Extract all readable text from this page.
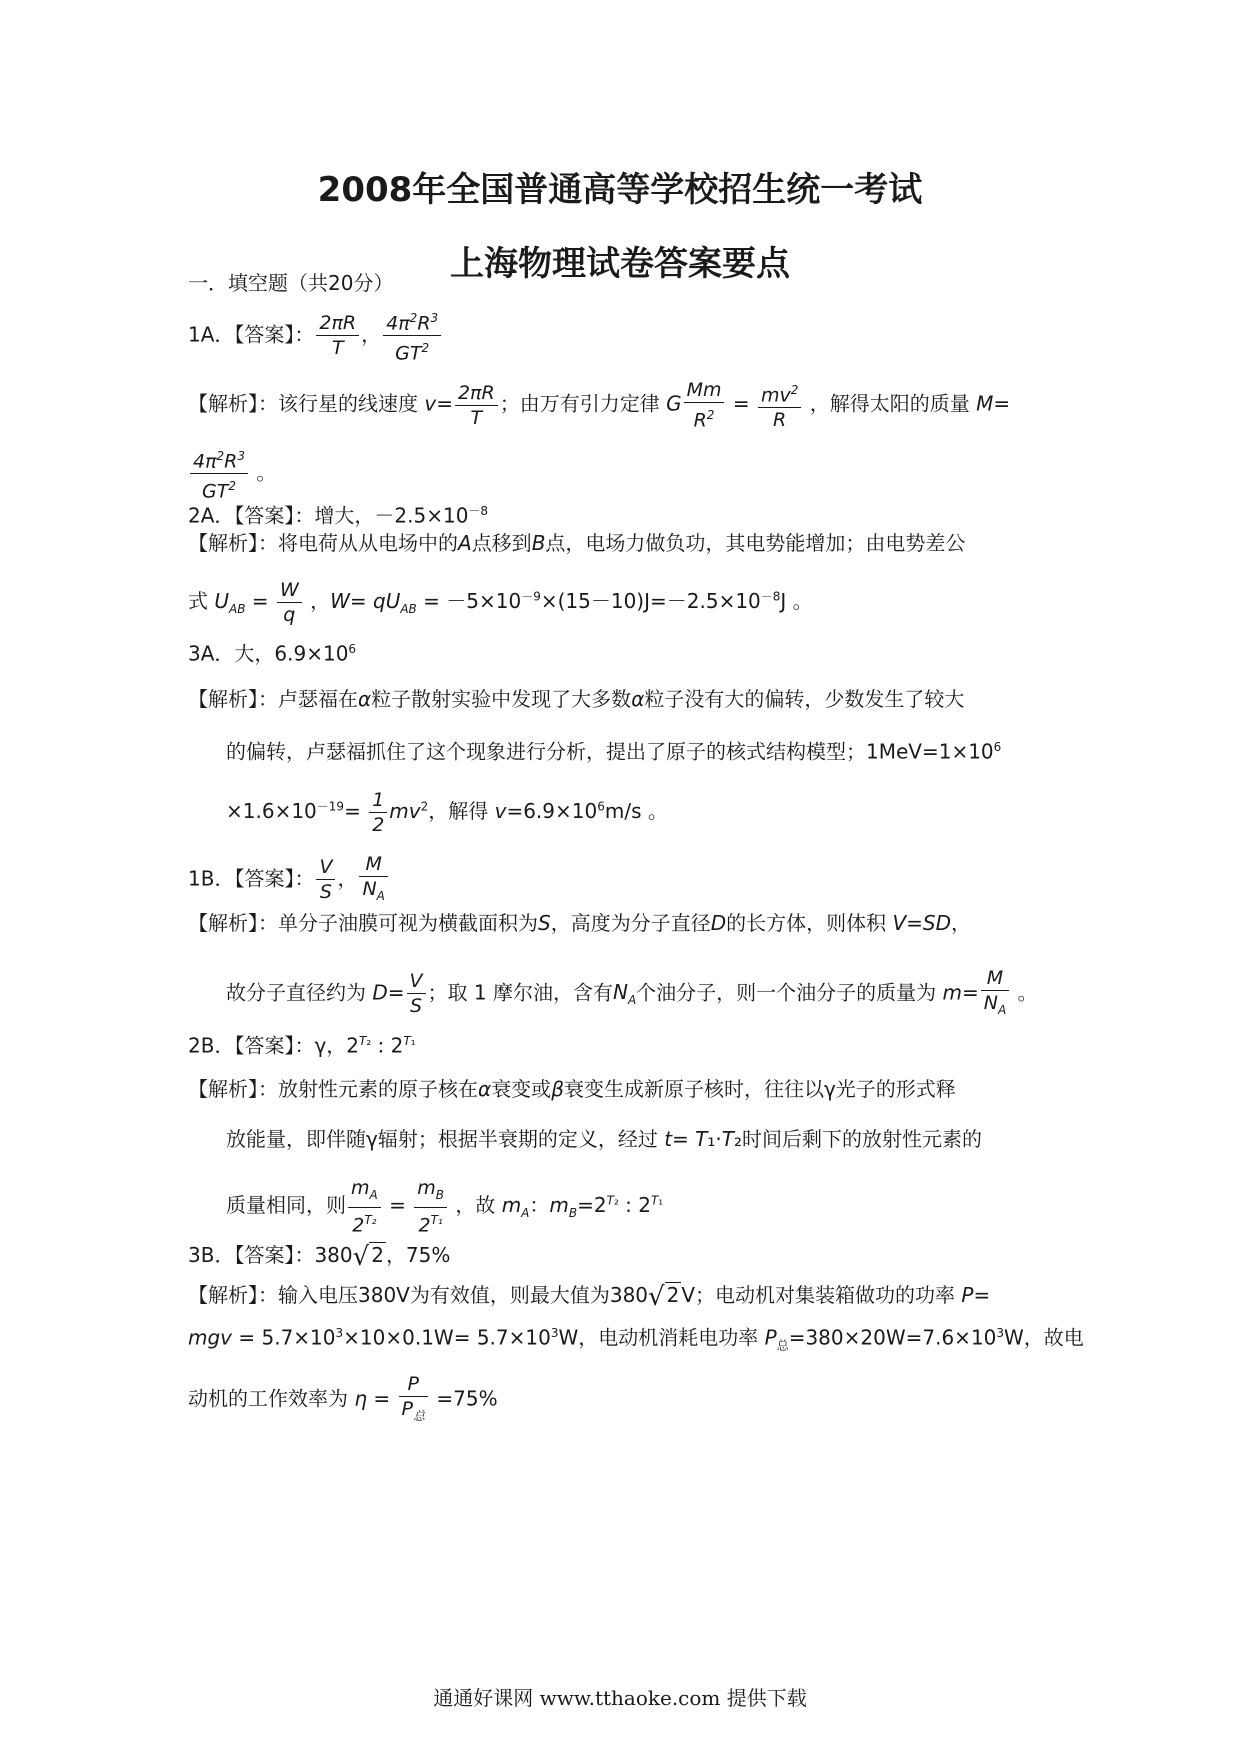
2008年全国普通高等学校招生统一考试
上海物理试卷答案要点
一．填空题（共20分）
1A．【答案】： $\frac{2\pi R}{T}$ ， $\frac{4\pi^2R^3}{GT^2}$
【解析】：该行星的线速度 $v= \frac{2\pi R}{T}$ ；由万有引力定律 G $\frac{Mm}{R^2} = \frac{mv^2}{R}$ ，解得太阳的质量 M=
$\frac{4\pi^2R^3}{GT^2}$ 。
2A．【答案】：增大，$-2.5\times 10^{-8}$
【解析】：将电荷从从电场中的A点移到B点，电场力做负功，其电势能增加；由电势差公
式 $U_{AB} = \frac{W}{q}$ ，$W= qU_{AB} = -5\times 10^{-9}\times(15-10)J=-2.5\times 10^{-8}J$ 。
3A．大，$6.9\times 10^6$
【解析】：卢瑟福在α粒子散射实验中发现了大多数α粒子没有大的偏转，少数发生了较大
的偏转，卢瑟福抓住了这个现象进行分析，提出了原子的核式结构模型；$1MeV=1\times 10^6$
$\times 1.6\times 10^{-19}= \frac{1}{2} mv^2$，解得 $v=6.9\times 10^6m/s$ 。
1B．【答案】： $\frac{V}{S}$ ， $\frac{M}{N_A}$
【解析】：单分子油膜可视为横截面积为S，高度为分子直径D的长方体，则体积 V=SD，
故分子直径约为 $D= \frac{V}{S}$ ；取 1 摩尔油，含有$N_A$个油分子，则一个油分子的质量为 $m= \frac{M}{N_A}$ 。
2B．【答案】：γ，$2^{T_2}$ : $2^{T_1}$
【解析】：放射性元素的原子核在α衰变或β衰变生成新原子核时，往往以γ光子的形式释
放能量，即伴随γ辐射；根据半衰期的定义，经过 t= T₁·T₂时间后剩下的放射性元素的
质量相同，则 $\frac{m_A}{2^{T_2}} = \frac{m_B}{2^{T_1}}$ ，故 $m_A$：$m_B=2^{T_2}$ : $2^{T_1}$
3B．【答案】：380√ 2 ，75%
【解析】：输入电压380V为有效值，则最大值为380√ 2 V；电动机对集装箱做功的功率 P=
mgv = $5.7\times 10^3\times 10\times 0.1W= 5.7\times 10^3W$，电动机消耗电功率 $P_总=380\times 20W=7.6\times 10^3W$，故电
动机的工作效率为 $\eta = \frac{P}{P_总} =75\%$
通通好课网 www.tthaoke.com 提供下载
